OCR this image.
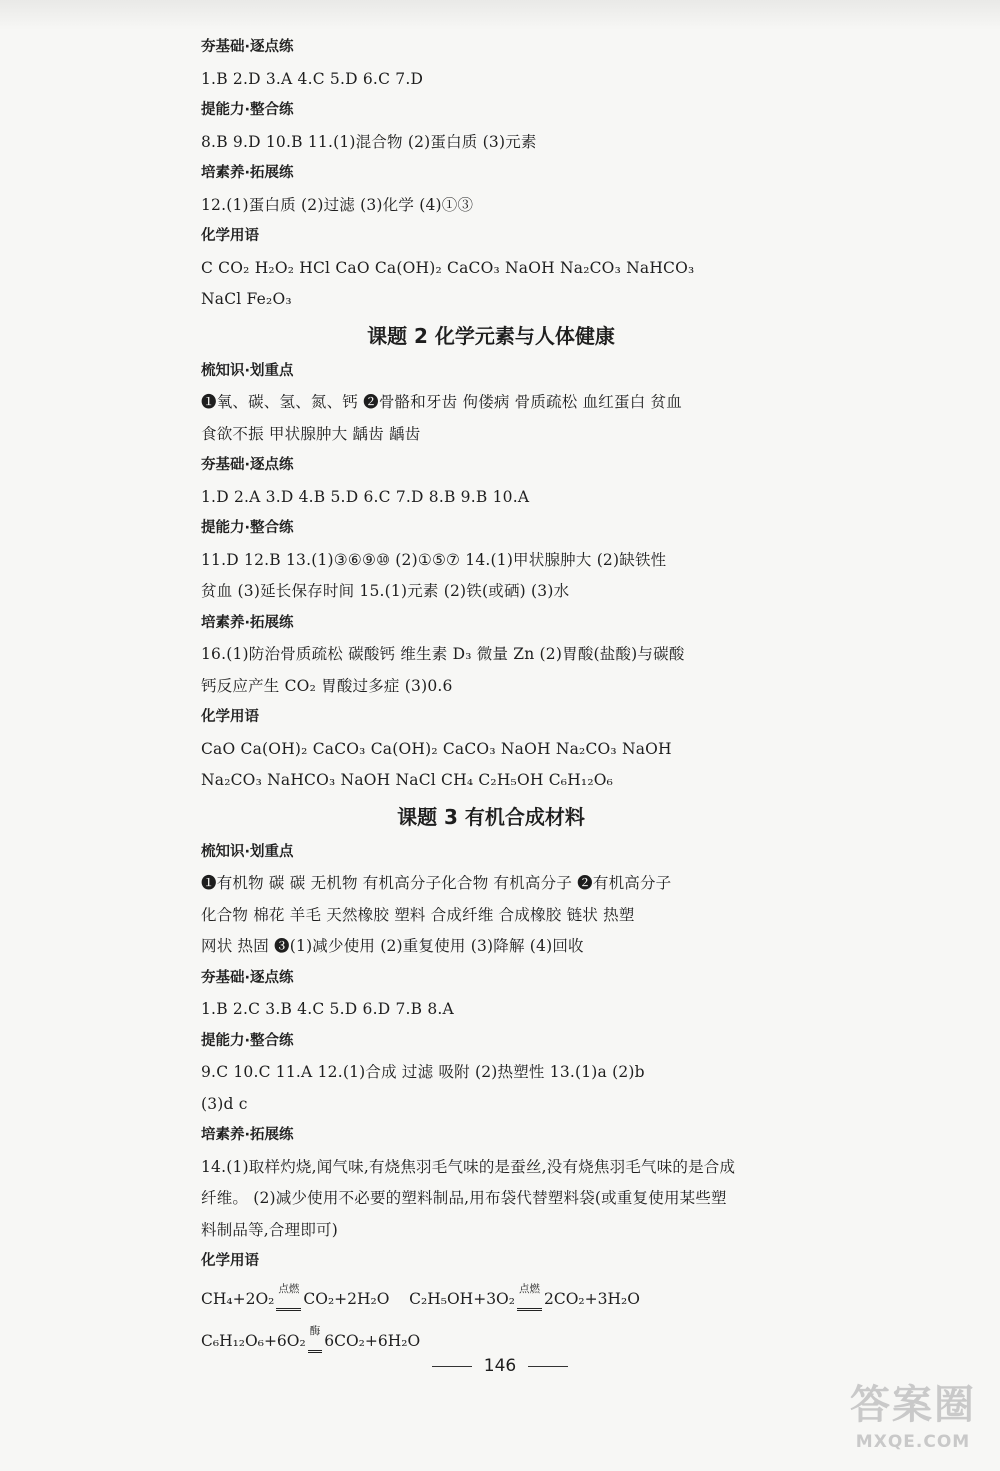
夯基础·逐点练
1.B 2.D 3.A 4.C 5.D 6.C 7.D
提能力·整合练
8.B 9.D 10.B 11.(1)混合物 (2)蛋白质 (3)元素
培素养·拓展练
12.(1)蛋白质 (2)过滤 (3)化学 (4)①③
化学用语
C CO₂ H₂O₂ HCl CaO Ca(OH)₂ CaCO₃ NaOH Na₂CO₃ NaHCO₃
NaCl Fe₂O₃
课题 2 化学元素与人体健康
梳知识·划重点
❶氧、碳、氢、氮、钙 ❷骨骼和牙齿 佝偻病 骨质疏松 血红蛋白 贫血
食欲不振 甲状腺肿大 龋齿 龋齿
夯基础·逐点练
1.D 2.A 3.D 4.B 5.D 6.C 7.D 8.B 9.B 10.A
提能力·整合练
11.D 12.B 13.(1)③⑥⑨⑩ (2)①⑤⑦ 14.(1)甲状腺肿大 (2)缺铁性
贫血 (3)延长保存时间 15.(1)元素 (2)铁(或硒) (3)水
培素养·拓展练
16.(1)防治骨质疏松 碳酸钙 维生素 D₃ 微量 Zn (2)胃酸(盐酸)与碳酸
钙反应产生 CO₂ 胃酸过多症 (3)0.6
化学用语
CaO Ca(OH)₂ CaCO₃ Ca(OH)₂ CaCO₃ NaOH Na₂CO₃ NaOH
Na₂CO₃ NaHCO₃ NaOH NaCl CH₄ C₂H₅OH C₆H₁₂O₆
课题 3 有机合成材料
梳知识·划重点
❶有机物 碳 碳 无机物 有机高分子化合物 有机高分子 ❷有机高分子
化合物 棉花 羊毛 天然橡胶 塑料 合成纤维 合成橡胶 链状 热塑
网状 热固 ❸(1)减少使用 (2)重复使用 (3)降解 (4)回收
夯基础·逐点练
1.B 2.C 3.B 4.C 5.D 6.D 7.B 8.A
提能力·整合练
9.C 10.C 11.A 12.(1)合成 过滤 吸附 (2)热塑性 13.(1)a (2)b
(3)d c
培素养·拓展练
14.(1)取样灼烧,闻气味,有烧焦羽毛气味的是蚕丝,没有烧焦羽毛气味的是合成
纤维。 (2)减少使用不必要的塑料制品,用布袋代替塑料袋(或重复使用某些塑
料制品等,合理即可)
化学用语
CH₄+2O₂$^{点燃}$CO₂+2H₂O C₂H₅OH+3O₂$^{点燃}$2CO₂+3H₂O
C₆H₁₂O₆+6O₂$^酶$6CO₂+6H₂O
146
答案圈
MXQE.COM
